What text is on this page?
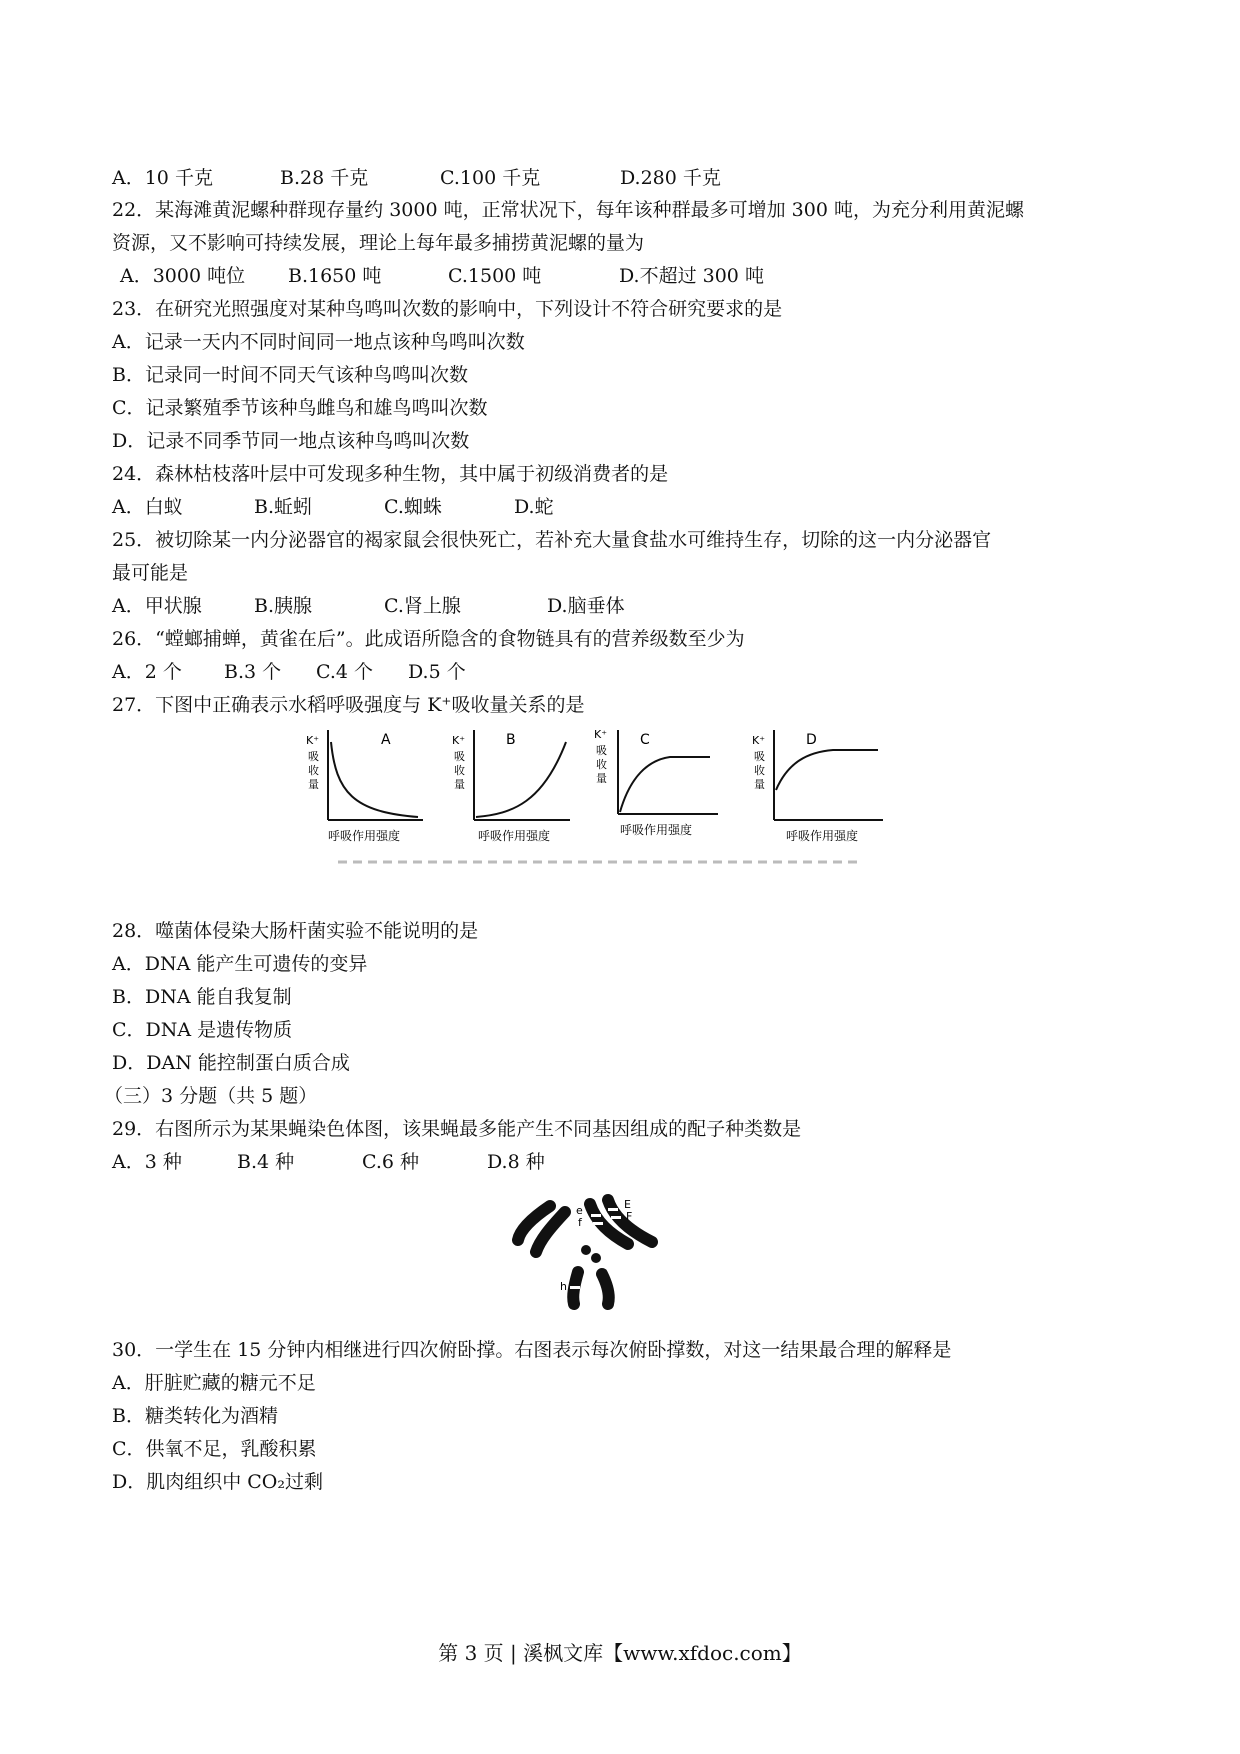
A．10 千克	B.28 千克	C.100 千克	D.280 千克
22．某海滩黄泥螺种群现存量约 3000 吨，正常状况下，每年该种群最多可增加 300 吨，为充分利用黄泥螺
资源，又不影响可持续发展，理论上每年最多捕捞黄泥螺的量为
A．3000 吨位	B.1650 吨	C.1500 吨	D.不超过 300 吨
23．在研究光照强度对某种鸟鸣叫次数的影响中，下列设计不符合研究要求的是
A．记录一天内不同时间同一地点该种鸟鸣叫次数
B．记录同一时间不同天气该种鸟鸣叫次数
C．记录繁殖季节该种鸟雌鸟和雄鸟鸣叫次数
D．记录不同季节同一地点该种鸟鸣叫次数
24．森林枯枝落叶层中可发现多种生物，其中属于初级消费者的是
A．白蚁	B.蚯蚓	C.蜘蛛	D.蛇
25．被切除某一内分泌器官的褐家鼠会很快死亡，若补充大量食盐水可维持生存，切除的这一内分泌器官
最可能是
A．甲状腺	B.胰腺	C.肾上腺	D.脑垂体
26．“螳螂捕蝉，黄雀在后”。此成语所隐含的食物链具有的营养级数至少为
A．2 个	B.3 个	C.4 个	D.5 个
27．下图中正确表示水稻呼吸强度与 K⁺吸收量关系的是
A
K⁺
吸
收
量
呼吸作用强度
B
K⁺
吸
收
量
呼吸作用强度
C
K⁺
吸
收
量
呼吸作用强度
D
K⁺
吸
收
量
呼吸作用强度
28．噬菌体侵染大肠杆菌实验不能说明的是
A．DNA 能产生可遗传的变异
B．DNA 能自我复制
C．DNA 是遗传物质
D．DAN 能控制蛋白质合成
（三）3 分题（共 5 题）
29．右图所示为某果蝇染色体图，该果蝇最多能产生不同基因组成的配子种类数是
A．3 种	B.4 种	C.6 种	D.8 种
e
f
E
F
h
30．一学生在 15 分钟内相继进行四次俯卧撑。右图表示每次俯卧撑数，对这一结果最合理的解释是
A．肝脏贮藏的糖元不足
B．糖类转化为酒精
C．供氧不足，乳酸积累
D．肌肉组织中 CO₂过剩
第 3 页 | 溪枫文库【www.xfdoc.com】
